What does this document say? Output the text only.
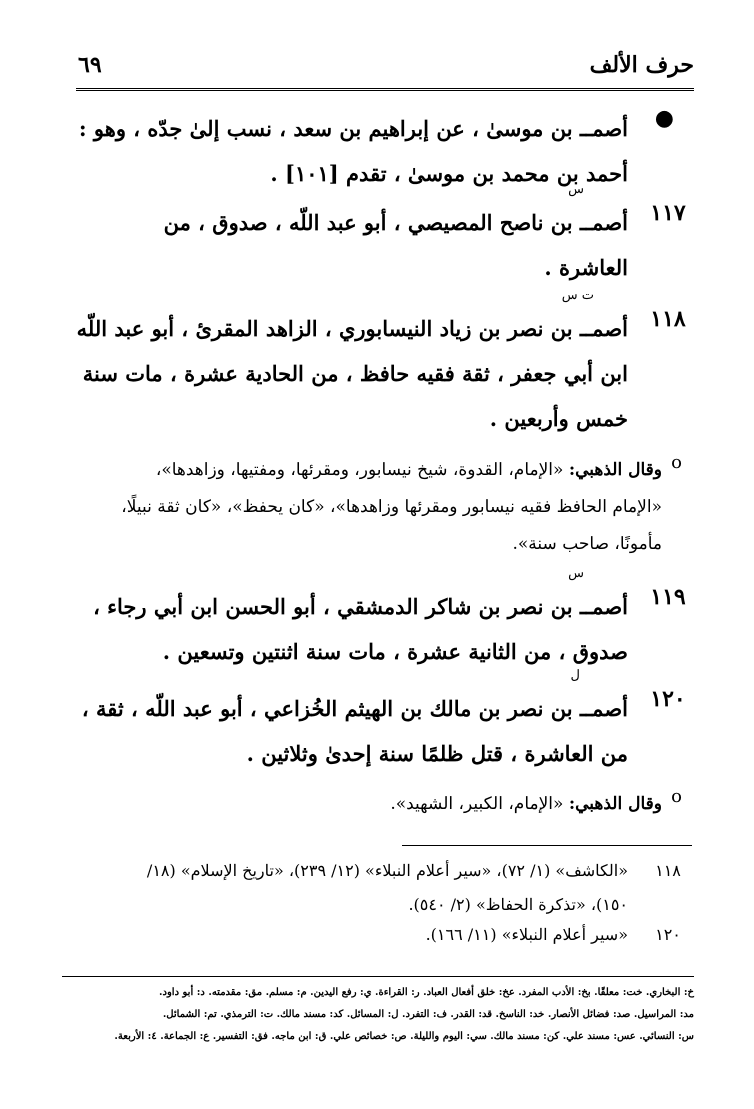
حرف الألف
٦٩
●
أصمــ بن موسىٰ ، عن إبراهيم بن سعد ، نسب إلىٰ جدّه ، وهو :
أحمد بن محمد بن موسىٰ ، تقدم [١٠١] .
١١٧
س
أصمــ بن ناصح المصيصي ، أبو عبد اللّه ، صدوق ، من
العاشرة .
١١٨
ت س
أصمــ بن نصر بن زياد النيسابوري ، الزاهد المقرئ ، أبو عبد اللّه
ابن أبي جعفر ، ثقة فقيه حافظ ، من الحادية عشرة ، مات سنة
خمس وأربعين .
o
وقال الذهبي: «الإمام، القدوة، شيخ نيسابور، ومقرئها، ومفتيها، وزاهدها»،
«الإمام الحافظ فقيه نيسابور ومقرئها وزاهدها»، «كان يحفظ»، «كان ثقة نبيلًا،
مأمونًا، صاحب سنة».
١١٩
س
أصمــ بن نصر بن شاكر الدمشقي ، أبو الحسن ابن أبي رجاء ،
صدوق ، من الثانية عشرة ، مات سنة اثنتين وتسعين .
١٢٠
ل
أصمــ بن نصر بن مالك بن الهيثم الخُزاعي ، أبو عبد اللّه ، ثقة ،
من العاشرة ، قتل ظلمًا سنة إحدىٰ وثلاثين .
o
وقال الذهبي: «الإمام، الكبير، الشهيد».
١١٨
«الكاشف» (١/ ٧٢)، «سير أعلام النبلاء» (١٢/ ٢٣٩)، «تاريخ الإسلام» (١٨/
١٥٠)، «تذكرة الحفاظ» (٢/ ٥٤٠).
١٢٠
«سير أعلام النبلاء» (١١/ ١٦٦).
خ: البخاري. خت: معلقًا. بخ: الأدب المفرد. عخ: خلق أفعال العباد. ر: القراءة. ي: رفع اليدين. م: مسلم. مق: مقدمته. د: أبو داود.
مد: المراسيل. صد: فضائل الأنصار. خد: الناسخ. قد: القدر. ف: التفرد. ل: المسائل. كد: مسند مالك. ت: الترمذي. تم: الشمائل.
س: النسائي. عس: مسند علي. كن: مسند مالك. سي: اليوم والليلة. ص: خصائص علي. ق: ابن ماجه. فق: التفسير. ع: الجماعة. ٤: الأربعة.
